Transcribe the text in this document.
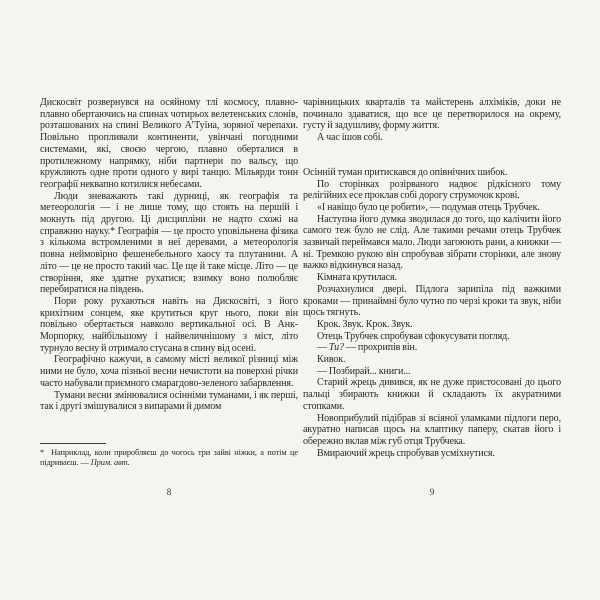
Дискосвіт розвернувся на осяйному тлі космосу, плавно-плавно обертаючись на спинах чотирьох велетенських слонів, розташованих на спині Великого А’Туїна, зоряної черепахи. Повільно пропливали континенти, увінчані погодними системами, які, своєю чергою, плавно оберталися в протилежному напрямку, ніби партнери по вальсу, що кружляють одне проти одного у вирі танцю. Мільярди тонн географії неквапно котилися небесами.

Люди зневажають такі дурниці, як географія та метеорологія — і не лише тому, що стоять на першій і мокнуть під другою. Ці дисципліни не надто схожі на справжню науку.* Географія — це просто уповільнена фізика з кількома встромленими в неї деревами, а метеорологія повна неймовірно фешенебельного хаосу та плутанини. А літо — це не просто такий час. Це ще й таке місце. Літо — це створіння, яке здатне рухатися; взимку воно полюбляє перебиратися на південь.

Пори року рухаються навіть на Дискосвіті, з його крихітним сонцем, яке крутиться круг нього, поки він повільно обертається навколо вертикальної осі. В Анк-Морпорку, найбільшому і найвеличнішому з міст, літо турнуло весну й отримало стусана в спину від осені.

Географічно кажучи, в самому місті великої різниці між ними не було, хоча пізньої весни нечистоти на поверхні річки часто набували приємного смарагдово-зеленого забарвлення.

Тумани весни змінювалися осінніми туманами, і як перші, так і другі змішувалися з випарами й димом

чарівницьких кварталів та майстерень алхіміків, доки не починало здаватися, що все це перетворилося на окрему, густу й задушливу, форму життя.

А час ішов собі.

Осінній туман притискався до опівнічних шибок.

По сторінках розірваного надвоє рідкісного тому релігійних есе проклав собі дорогу струмочок крові.

«І навіщо було це робити», — подумав отець Трубчек.

Наступна його думка зводилася до того, що калічити його самого теж було не слід. Але такими речами отець Трубчек зазвичай переймався мало. Люди загоюють рани, а книжки — ні. Тремкою рукою він спробував зібрати сторінки, але знову важко відкинувся назад.

Кімната крутилася.

Розчахнулися двері. Підлога зарипіла під важкими кроками — принаймні було чутно по черзі кроки та звук, ніби щось тягнуть.

Крок. Звук. Крок. Звук.

Отець Трубчек спробував сфокусувати погляд.

— Ти? — прохрипів він.

Кивок.

— Позбирай... книги...

Старий жрець дивився, як не дуже пристосовані до цього пальці збирають книжки й складають їх акуратними стопками.

Новоприбулий підібрав зі всіяної уламками підлоги перо, акуратно написав щось на клаптику паперу, скатав його і обережно вклав між губ отця Трубчека.

Вмираючий жрець спробував усміхнутися.

* Наприклад, коли приробляєш до чогось три зайві ніжки, а потім це підриваєш. — Прим. авт.
8	9
